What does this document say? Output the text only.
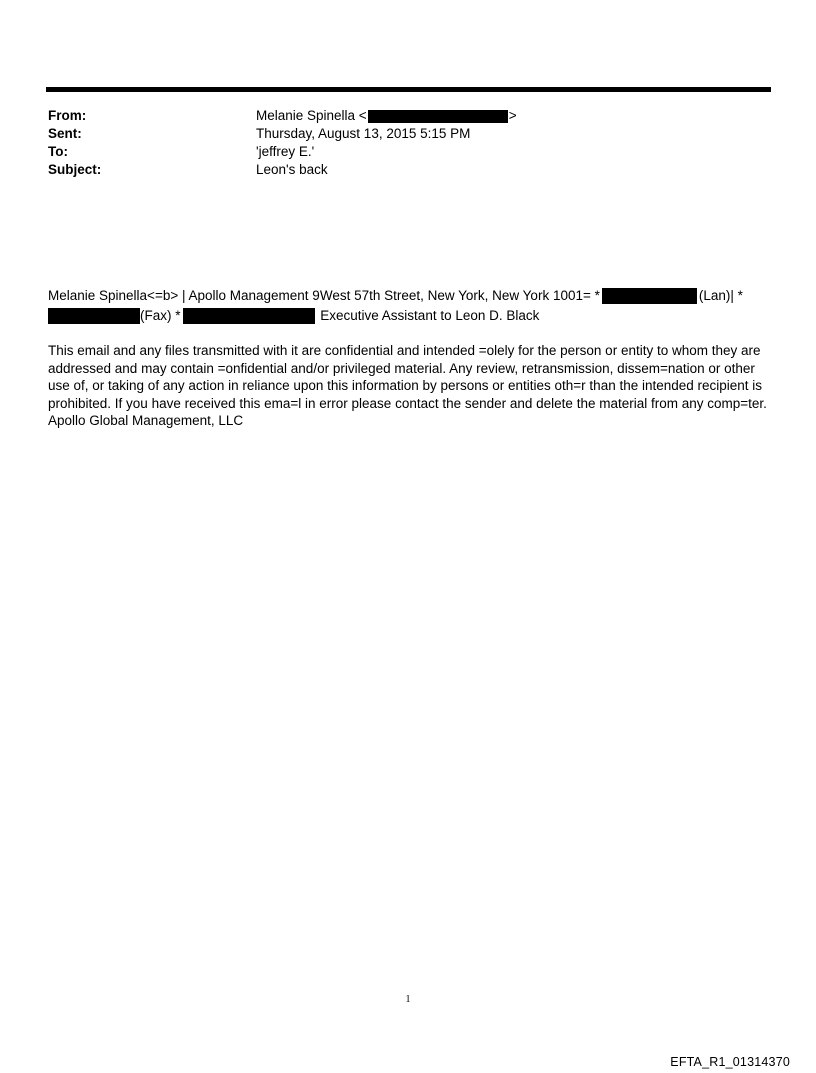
From:	Melanie Spinella <	>
Sent:	Thursday, August 13, 2015 5:15 PM
To:	'jeffrey E.'
Subject:	Leon's back
Melanie Spinella<=b> | Apollo Management 9West 57th Street, New York, New York 1001= *	(Lan)| *
(Fax) *	Executive Assistant to Leon D. Black
This email and any files transmitted with it are confidential and intended =olely for the person or entity to whom they are addressed and may contain =onfidential and/or privileged material. Any review, retransmission, dissem=nation or other use of, or taking of any action in reliance upon this information by persons or entities oth=r than the intended recipient is prohibited. If you have received this ema=l in error please contact the sender and delete the material from any comp=ter. Apollo Global Management, LLC
1
EFTA_R1_01314370
